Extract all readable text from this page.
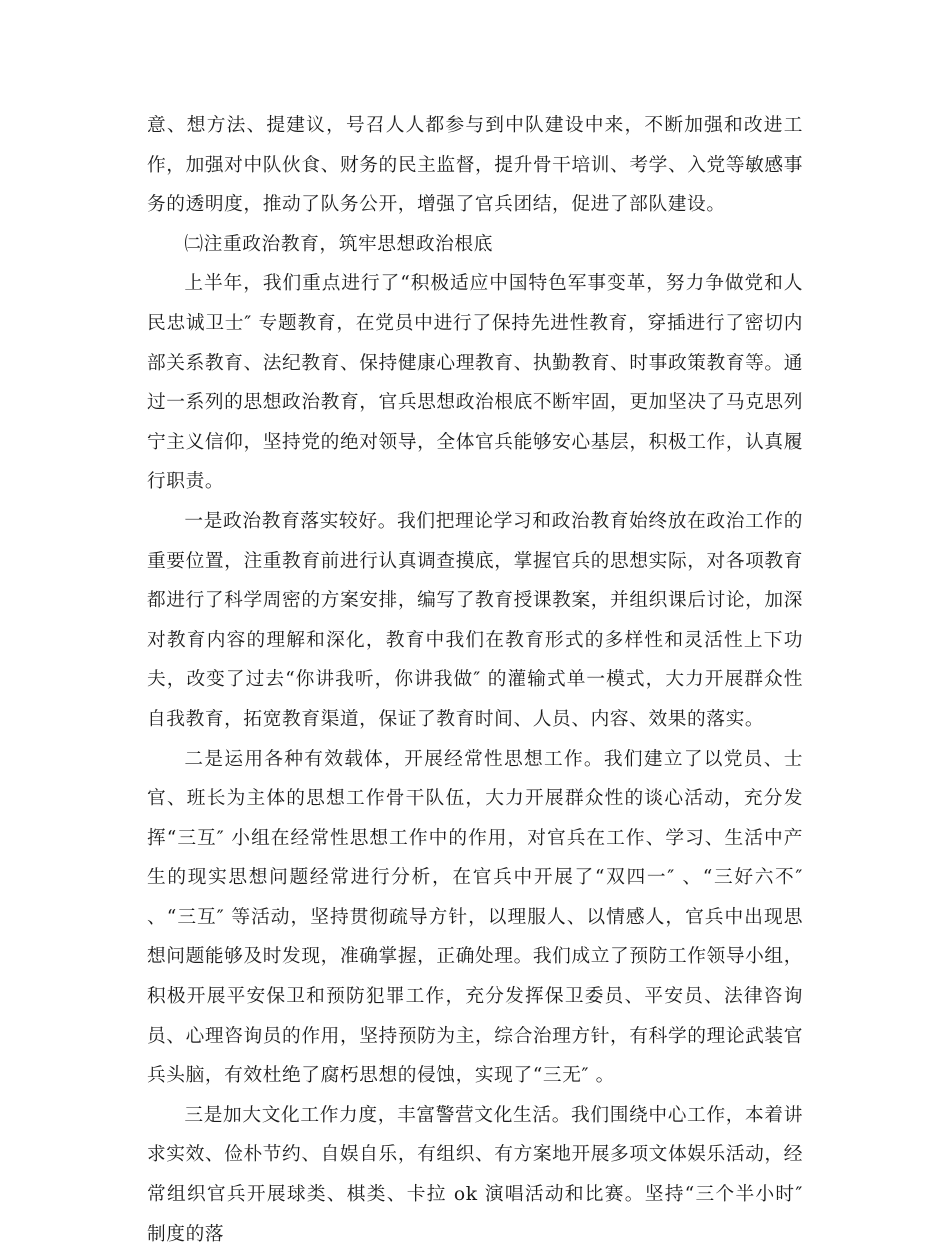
意、想方法、提建议，号召人人都参与到中队建设中来，不断加强和改进工作，加强对中队伙食、财务的民主监督，提升骨干培训、考学、入党等敏感事务的透明度，推动了队务公开，增强了官兵团结，促进了部队建设。

㈡注重政治教育，筑牢思想政治根底

上半年，我们重点进行了“积极适应中国特色军事变革，努力争做党和人民忠诚卫士″ 专题教育，在党员中进行了保持先进性教育，穿插进行了密切内部关系教育、法纪教育、保持健康心理教育、执勤教育、时事政策教育等。通过一系列的思想政治教育，官兵思想政治根底不断牢固，更加坚决了马克思列宁主义信仰，坚持党的绝对领导，全体官兵能够安心基层，积极工作，认真履行职责。

一是政治教育落实较好。我们把理论学习和政治教育始终放在政治工作的重要位置，注重教育前进行认真调查摸底，掌握官兵的思想实际，对各项教育都进行了科学周密的方案安排，编写了教育授课教案，并组织课后讨论，加深对教育内容的理解和深化，教育中我们在教育形式的多样性和灵活性上下功夫，改变了过去“你讲我听，你讲我做″ 的灌输式单一模式，大力开展群众性自我教育，拓宽教育渠道，保证了教育时间、人员、内容、效果的落实。

二是运用各种有效载体，开展经常性思想工作。我们建立了以党员、士官、班长为主体的思想工作骨干队伍，大力开展群众性的谈心活动，充分发挥“三互″ 小组在经常性思想工作中的作用，对官兵在工作、学习、生活中产生的现实思想问题经常进行分析，在官兵中开展了“双四一″ 、“三好六不″ 、“三互″ 等活动，坚持贯彻疏导方针，以理服人、以情感人，官兵中出现思想问题能够及时发现，准确掌握，正确处理。我们成立了预防工作领导小组，积极开展平安保卫和预防犯罪工作，充分发挥保卫委员、平安员、法律咨询员、心理咨询员的作用，坚持预防为主，综合治理方针，有科学的理论武装官兵头脑，有效杜绝了腐朽思想的侵蚀，实现了“三无″ 。

三是加大文化工作力度，丰富警营文化生活。我们围绕中心工作，本着讲求实效、俭朴节约、自娱自乐，有组织、有方案地开展多项文体娱乐活动，经常组织官兵开展球类、棋类、卡拉 ok 演唱活动和比赛。坚持“三个半小时″ 制度的落
